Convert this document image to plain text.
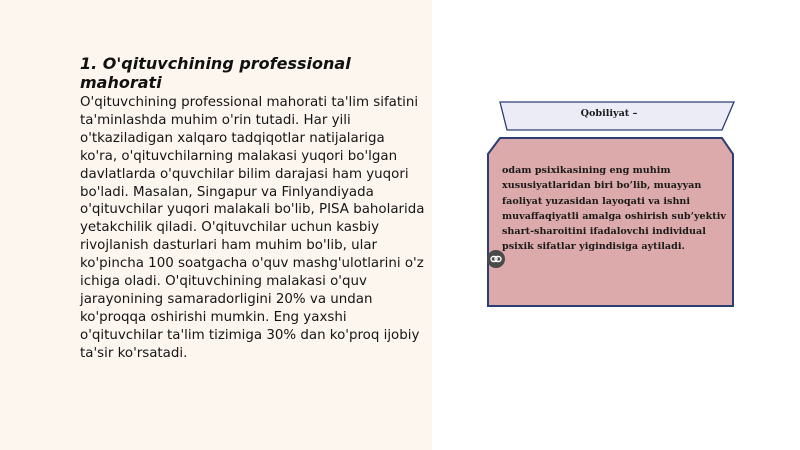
1. O'qituvchining professional mahorati

O'qituvchining professional mahorati ta'lim sifatini ta'minlashda muhim o'rin tutadi. Har yili o'tkaziladigan xalqaro tadqiqotlar natijalariga ko'ra, o'qituvchilarning malakasi yuqori bo'lgan davlatlarda o'quvchilar bilim darajasi ham yuqori bo'ladi. Masalan, Singapur va Finlyandiyada o'qituvchilar yuqori malakali bo'lib, PISA baholarida yetakchilik qiladi. O'qituvchilar uchun kasbiy rivojlanish dasturlari ham muhim bo'lib, ular ko'pincha 100 soatgacha o'quv mashg'ulotlarini o'z ichiga oladi. O'qituvchining malakasi o'quv jarayonining samaradorligini 20% va undan ko'proqqa oshirishi mumkin. Eng yaxshi o'qituvchilar ta'lim tizimiga 30% dan ko'proq ijobiy ta'sir ko'rsatadi.

Qobiliyat –

odam psixikasining eng muhim xususiyatlaridan biri bo’lib, muayyan faoliyat yuzasidan layoqati va ishni muvaffaqiyatli amalga oshirish sub’yektiv shart-sharoitini ifadalovchi individual psixik sifatlar yigindisiga aytiladi.
